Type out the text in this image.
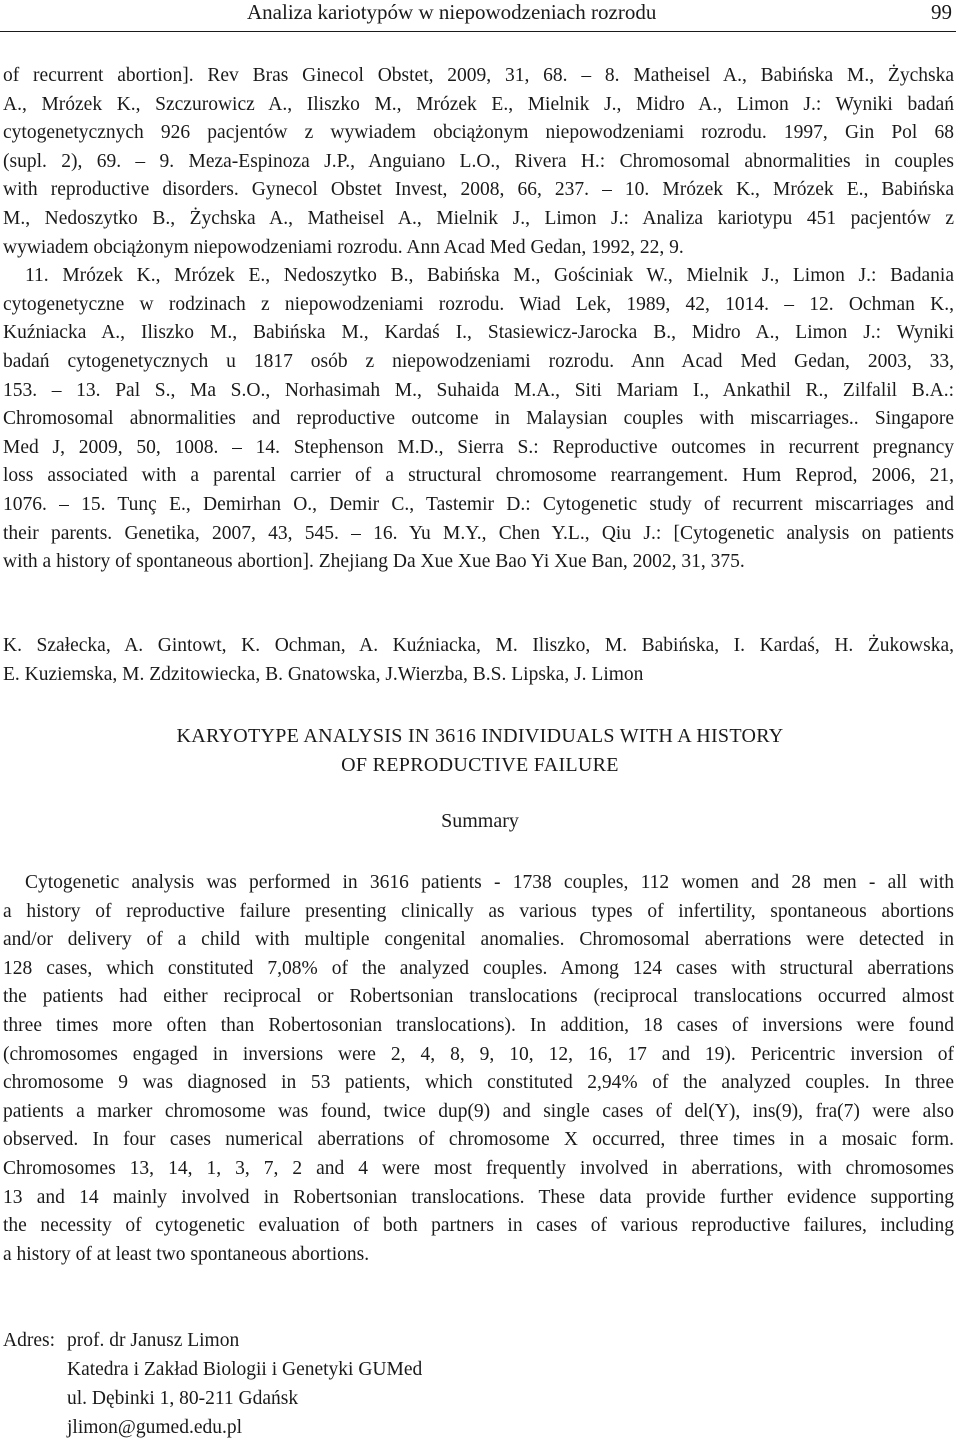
Analiza kariotypów w niepowodzeniach rozrodu	99
of recurrent abortion]. Rev Bras Ginecol Obstet, 2009, 31, 68. – 8. Matheisel A., Babińska M., Żychska
A., Mrózek K., Szczurowicz A., Iliszko M., Mrózek E., Mielnik J., Midro A., Limon J.: Wyniki badań
cytogenetycznych 926 pacjentów z wywiadem obciążonym niepowodzeniami rozrodu. 1997, Gin Pol 68
(supl. 2), 69. – 9. Meza-Espinoza J.P., Anguiano L.O., Rivera H.: Chromosomal abnormalities in couples
with reproductive disorders. Gynecol Obstet Invest, 2008, 66, 237. – 10. Mrózek K., Mrózek E., Babińska
M., Nedoszytko B., Żychska A., Matheisel A., Mielnik J., Limon J.: Analiza kariotypu 451 pacjentów z
wywiadem obciążonym niepowodzeniami rozrodu. Ann Acad Med Gedan, 1992, 22, 9.
11. Mrózek K., Mrózek E., Nedoszytko B., Babińska M., Gościniak W., Mielnik J., Limon J.: Badania
cytogenetyczne w rodzinach z niepowodzeniami rozrodu. Wiad Lek, 1989, 42, 1014. – 12. Ochman K.,
Kuźniacka A., Iliszko M., Babińska M., Kardaś I., Stasiewicz-Jarocka B., Midro A., Limon J.: Wyniki
badań cytogenetycznych u 1817 osób z niepowodzeniami rozrodu. Ann Acad Med Gedan, 2003, 33,
153. – 13. Pal S., Ma S.O., Norhasimah M., Suhaida M.A., Siti Mariam I., Ankathil R., Zilfalil B.A.:
Chromosomal abnormalities and reproductive outcome in Malaysian couples with miscarriages.. Singapore
Med J, 2009, 50, 1008. – 14. Stephenson M.D., Sierra S.: Reproductive outcomes in recurrent pregnancy
loss associated with a parental carrier of a structural chromosome rearrangement. Hum Reprod, 2006, 21,
1076. – 15. Tunç E., Demirhan O., Demir C., Tastemir D.: Cytogenetic study of recurrent miscarriages and
their parents. Genetika, 2007, 43, 545. – 16. Yu M.Y., Chen Y.L., Qiu J.: [Cytogenetic analysis on patients
with a history of spontaneous abortion]. Zhejiang Da Xue Xue Bao Yi Xue Ban, 2002, 31, 375.
K. Szałecka, A. Gintowt, K. Ochman, A. Kuźniacka, M. Iliszko, M. Babińska, I. Kardaś, H. Żukowska,
E. Kuziemska, M. Zdzitowiecka, B. Gnatowska, J.Wierzba, B.S. Lipska, J. Limon
KARYOTYPE ANALYSIS IN 3616 INDIVIDUALS WITH A HISTORY
OF REPRODUCTIVE FAILURE
Summary
Cytogenetic analysis was performed in 3616 patients - 1738 couples, 112 women and 28 men - all with
a history of reproductive failure presenting clinically as various types of infertility, spontaneous abortions
and/or delivery of a child with multiple congenital anomalies. Chromosomal aberrations were detected in
128 cases, which constituted 7,08% of the analyzed couples. Among 124 cases with structural aberrations
the patients had either reciprocal or Robertsonian translocations (reciprocal translocations occurred almost
three times more often than Robertosonian translocations). In addition, 18 cases of inversions were found
(chromosomes engaged in inversions were 2, 4, 8, 9, 10, 12, 16, 17 and 19). Pericentric inversion of
chromosome 9 was diagnosed in 53 patients, which constituted 2,94% of the analyzed couples. In three
patients a marker chromosome was found, twice dup(9) and single cases of del(Y), ins(9), fra(7) were also
observed. In four cases numerical aberrations of chromosome X occurred, three times in a mosaic form.
Chromosomes 13, 14, 1, 3, 7, 2 and 4 were most frequently involved in aberrations, with chromosomes
13 and 14 mainly involved in Robertsonian translocations. These data provide further evidence supporting
the necessity of cytogenetic evaluation of both partners in cases of various reproductive failures, including
a history of at least two spontaneous abortions.
Adres: prof. dr Janusz Limon
Katedra i Zakład Biologii i Genetyki GUMed
ul. Dębinki 1, 80-211 Gdańsk
jlimon@gumed.edu.pl
